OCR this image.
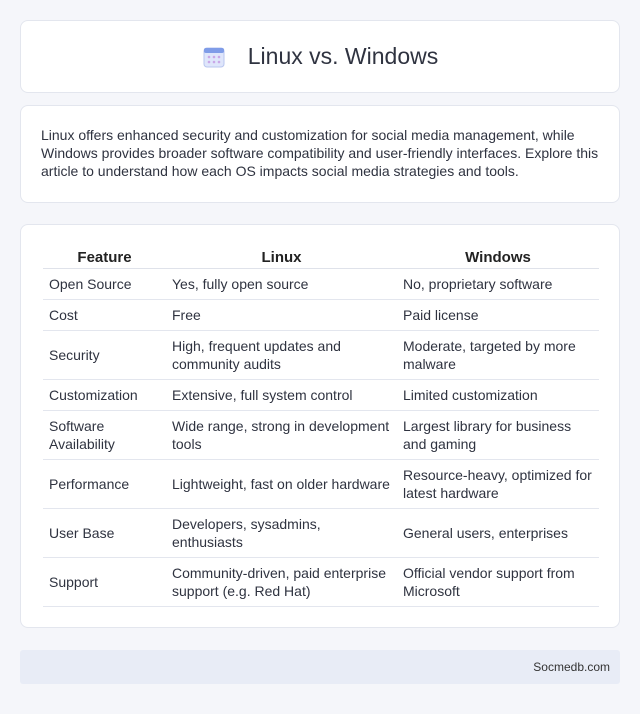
Linux vs. Windows

Linux offers enhanced security and customization for social media management, while Windows provides broader software compatibility and user-friendly interfaces. Explore this article to understand how each OS impacts social media strategies and tools.

Feature	Linux	Windows
Open Source	Yes, fully open source	No, proprietary software
Cost	Free	Paid license
Security	High, frequent updates and community audits	Moderate, targeted by more malware
Customization	Extensive, full system control	Limited customization
Software Availability	Wide range, strong in development tools	Largest library for business and gaming
Performance	Lightweight, fast on older hardware	Resource-heavy, optimized for latest hardware
User Base	Developers, sysadmins, enthusiasts	General users, enterprises
Support	Community-driven, paid enterprise support (e.g. Red Hat)	Official vendor support from Microsoft
Socmedb.com
